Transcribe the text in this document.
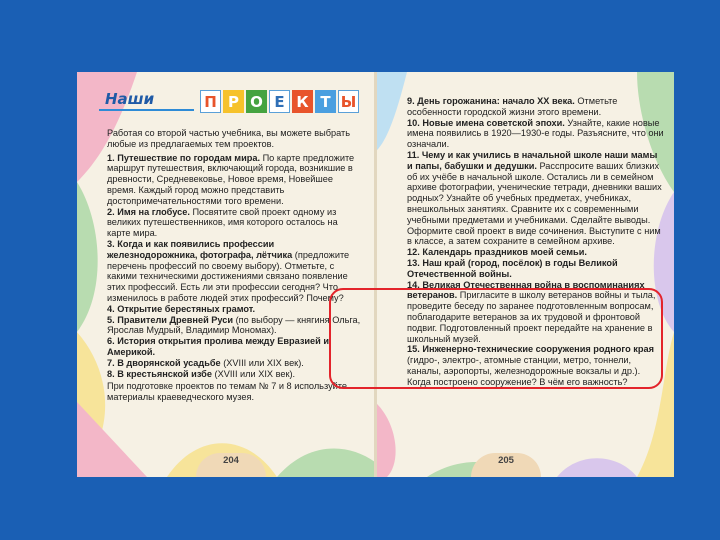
Наши	П Р О Е К Т Ы

Работая со второй частью учебника, вы можете выбрать любые из предлагаемых тем проектов.

1. Путешествие по городам мира. По карте предложите маршрут путешествия, включающий города, возникшие в древности, Средневековье, Новое время, Новейшее время. Каждый город можно представить достопримечательностями того времени.

2. Имя на глобусе. Посвятите свой проект одному из великих путешественников, имя которого осталось на карте мира.

3. Когда и как появились профессии железнодорожника, фотографа, лётчика (предложите перечень профессий по своему выбору). Отметьте, с какими техническими достижениями связано появление этих профессий. Есть ли эти профессии сегодня? Что изменилось в работе людей этих профессий? Почему?

4. Открытие берестяных грамот.

5. Правители Древней Руси (по выбору — княгиня Ольга, Ярослав Мудрый, Владимир Мономах).

6. История открытия пролива между Евразией и Америкой.

7. В дворянской усадьбе (XVIII или XIX век).

8. В крестьянской избе (XVIII или XIX век).

При подготовке проектов по темам № 7 и 8 используйте материалы краеведческого музея.

204

9. День горожанина: начало XX века. Отметьте особенности городской жизни этого времени.

10. Новые имена советской эпохи. Узнайте, какие новые имена появились в 1920—1930-е годы. Разъясните, что они означали.

11. Чему и как учились в начальной школе наши мамы и папы, бабушки и дедушки. Расспросите ваших близких об их учёбе в начальной школе. Остались ли в семейном архиве фотографии, ученические тетради, дневники ваших родных? Узнайте об учебных предметах, учебниках, внешкольных занятиях. Сравните их с современными учебными предметами и учебниками. Сделайте выводы. Оформите свой проект в виде сочинения. Выступите с ним в классе, а затем сохраните в семейном архиве.

12. Календарь праздников моей семьи.

13. Наш край (город, посёлок) в годы Великой Отечественной войны.

14. Великая Отечественная война в воспоминаниях ветеранов. Пригласите в школу ветеранов войны и тыла, проведите беседу по заранее подготовленным вопросам, поблагодарите ветеранов за их трудовой и фронтовой подвиг. Подготовленный проект передайте на хранение в школьный музей.

15. Инженерно-технические сооружения родного края (гидро-, электро-, атомные станции, метро, тоннели, каналы, аэропорты, железнодорожные вокзалы и др.). Когда построено сооружение? В чём его важность?

205
